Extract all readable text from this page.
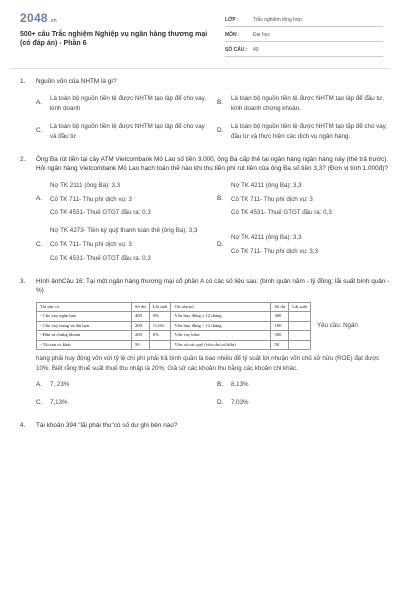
2048.vn
500+ câu Trắc nghiệm Nghiệp vụ ngân hàng thương mại (có đáp án) - Phần 6
LỚP :	Trắc nghiệm tổng hợp
MÔN :	Đại học
SỐ CÂU :	40
1.	Nguồn vốn của NHTM là gì?
A.

Là toàn bộ nguồn tiền tệ được NHTM tạo lập để cho vay, kinh doanh

B.

Là toàn bộ nguồn tiền tệ được NHTM tạo lập để đầu tư, kinh doanh chứng khoán.

C.

Là toàn bộ nguồn tiền tệ được NHTM tạo lập để cho vay và đầu tư

D.

Là toàn bộ nguồn tiền tệ được NHTM tạo lập để cho vay, đầu tư và thực hiện các dịch vụ ngân hàng.

2.	Ông Ba rút tiền tại cây ATM Vietcombank Mỏ Lao số tiền 3.000, ông Ba cấp thẻ tại ngân hàng ngân hàng này (thẻ trả trước). Hỏi ngân hàng Vietcombank Mỏ Lao hạch toán thế nào khi thu tiền phí rút tiền của ông Ba số tiền 3,3? (Đơn vị tính 1.000đ)?
A.

Nợ TK 2111 (ông Ba): 3,3

Có TK 711- Thu phí dịch vụ: 3

Có TK 4531- Thuế GTGT đầu ra: 0,3

B.

Nợ TK 4211 (ông Ba): 3,3

Có TK 711- Thu phí dịch vụ: 3

Có TK 4531- Thuế GTGT đầu ra: 0,3

C.

Nợ TK 4273- Tiền ký quỹ thanh toán thẻ (ông Ba): 3,3

Có TK 711- Thu phí dịch vụ: 3

Có TK 4531- Thuế GTGT đầu ra: 0,3

D.

Nợ TK 4211 (ông Ba): 3,3

Có TK 711- Thu phí dịch vụ: 3,3

3.	Hình ảnhCâu 16: Tại một ngân hàng thương mại cổ phần A có các số liệu sau: (bình quân năm - tỷ đồng; lãi suất bình quân - %)
Tài sản có	Số dư	Lãi suất	Tài sản nợ	Số dư	Lãi suất
- Cho vay ngắn hạn	400	9%	Vốn huy động ≤ 12 tháng	400	
- Cho vay trung và dài hạn	200	11,6%	Vốn huy động > 12 tháng	100	
- Đầu tư chứng khoán	200	6%	Vốn vay khác	500	
- Tài sản có khác	50		Vốn và các quỹ (vốn chủ sở hữu)	50	
Yêu cầu: Ngân
hàng phải huy động vốn với tỷ lệ chi phí phải trả bình quân là bao nhiêu để tỷ suất lợi nhuận vốn chủ sở hữu (ROE) đạt được 10%. Biết rằng thuế suất thuế thu nhập là 20%; Giả sử các khoản thu bằng các khoản chi khác.
A.	7, 23%	B.	8,13%

C.	7,13%	D.	7,03%

4.	Tài khoản 394 "lãi phải thu"có số dư ghi bên nào?
